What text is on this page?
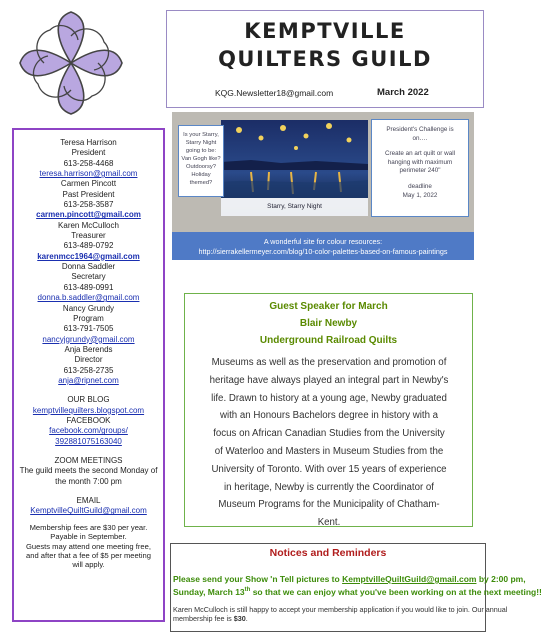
KEMPTVILLE
QUILTERS GUILD
KQG.Newsletter18@gmail.com	March 2022
Teresa Harrison
President
613-258-4468
teresa.harrison@gmail.com
Carmen Pincott
Past President
613-258-3587
carmen.pincott@gmail.com
Karen McCulloch
Treasurer
613-489-0792
karenmcc1964@gmail.com
Donna Saddler
Secretary
613-489-0991
donna.b.saddler@gmail.com
Nancy Grundy
Program
613-791-7505
nancyjgrundy@gmail.com
Anja Berends
Director
613-258-2735
anja@ripnet.com
OUR BLOG
kemptvillequilters.blogspot.com
FACEBOOK
facebook.com/groups/
392881075163040
ZOOM MEETINGS
The guild meets the second Monday of
the month 7:00 pm
EMAIL
KemptvilleQuiltGuild@gmail.com
Membership fees are $30 per year.
Payable in September.
Guests may attend one meeting free,
and after that a fee of $5 per meeting
will apply.
Starry, Starry Night
Is your Starry,
Starry Night
going to be:
Van Gogh like?
Outdoorsy?
Holiday
themed?
President's Challenge is
on….
Create an art quilt or wall
hanging with maximum
perimeter 240"
deadline
May 1, 2022
A wonderful site for colour resources:
http://sierrakellermeyer.com/blog/10-color-palettes-based-on-famous-paintings
Guest Speaker for March
Blair Newby
Underground Railroad Quilts
Museums as well as the preservation and promotion of
heritage have always played an integral part in Newby's
life. Drawn to history at a young age, Newby graduated
with an Honours Bachelors degree in history with a
focus on African Canadian Studies from the University
of Waterloo and Masters in Museum Studies from the
University of Toronto. With over 15 years of experience
in heritage, Newby is currently the Coordinator of
Museum Programs for the Municipality of Chatham-
Kent.
Notices and Reminders
Please send your Show 'n Tell pictures to KemptvilleQuiltGuild@gmail.com by 2:00 pm,
Sunday, March 13th so that we can enjoy what you've been working on at the next meeting!!
Karen McCulloch is still happy to accept your membership application if you would like to join. Our annual
membership fee is $30.
